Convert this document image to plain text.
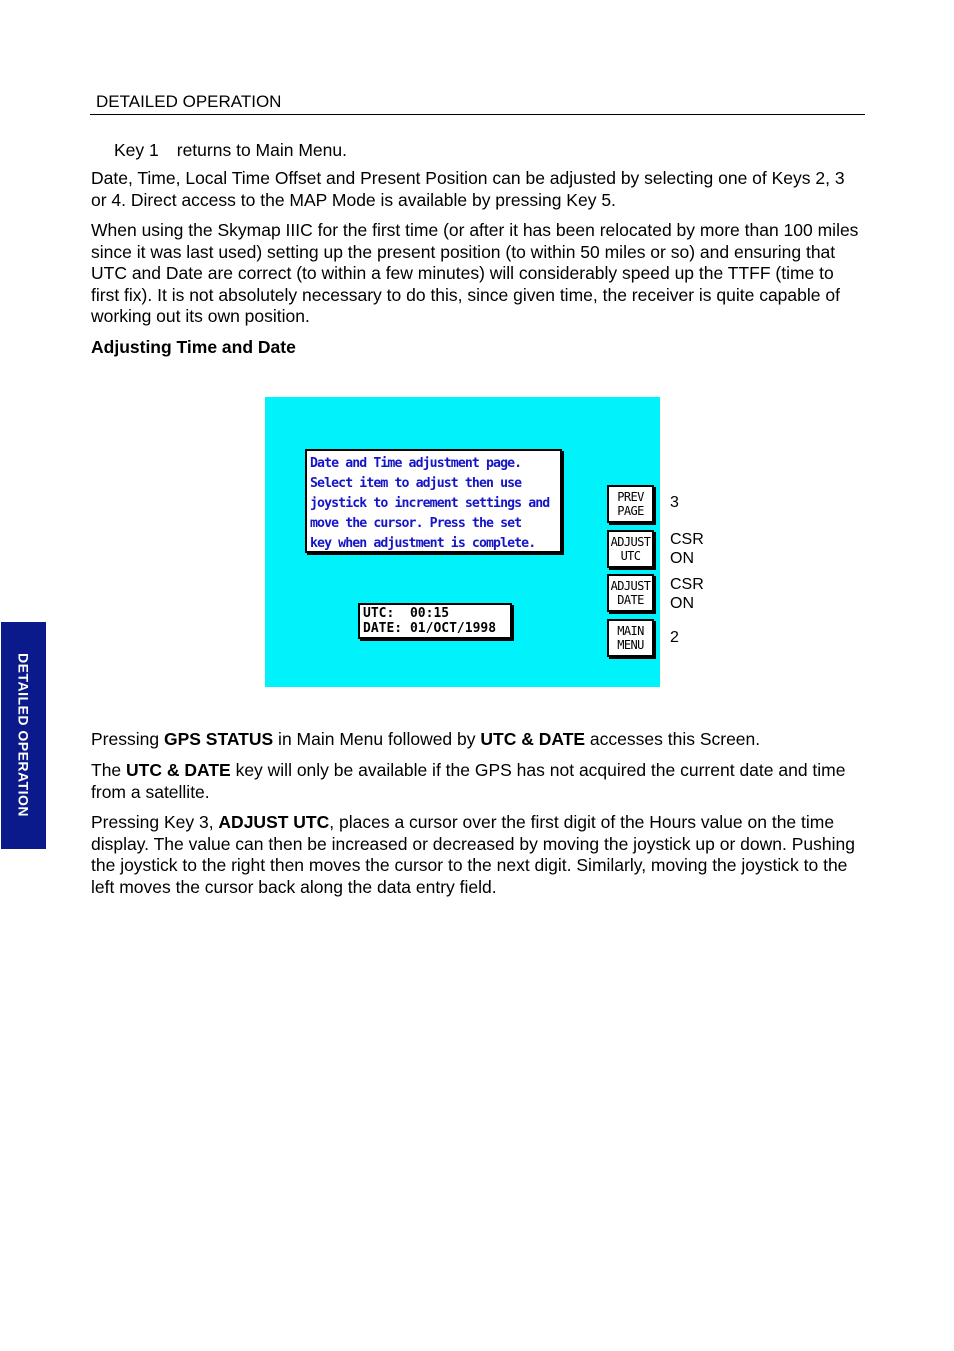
DETAILED OPERATION

Key 1 returns to Main Menu.

Date, Time, Local Time Offset and Present Position can be adjusted by selecting one of Keys 2, 3 or 4. Direct access to the MAP Mode is available by pressing Key 5.

When using the Skymap IIIC for the first time (or after it has been relocated by more than 100 miles since it was last used) setting up the present position (to within 50 miles or so) and ensuring that UTC and Date are correct (to within a few minutes) will considerably speed up the TTFF (time to first fix). It is not absolutely necessary to do this, since given time, the receiver is quite capable of working out its own position.

Adjusting Time and Date

Date and Time adjustment page.
Select item to adjust then use
joystick to increment settings and
move the cursor. Press the set
key when adjustment is complete.
UTC:  00:15
DATE: 01/OCT/1998
PREV
PAGE
ADJUST
UTC
ADJUST
DATE
MAIN
MENU
3
CSR
ON
CSR
ON
2

Pressing GPS STATUS in Main Menu followed by UTC & DATE accesses this Screen.

The UTC & DATE key will only be available if the GPS has not acquired the current date and time from a satellite.

Pressing Key 3, ADJUST UTC, places a cursor over the first digit of the Hours value on the time display. The value can then be increased or decreased by moving the joystick up or down. Pushing the joystick to the right then moves the cursor to the next digit. Similarly, moving the joystick to the left moves the cursor back along the data entry field.

DETAILED OPERATION
